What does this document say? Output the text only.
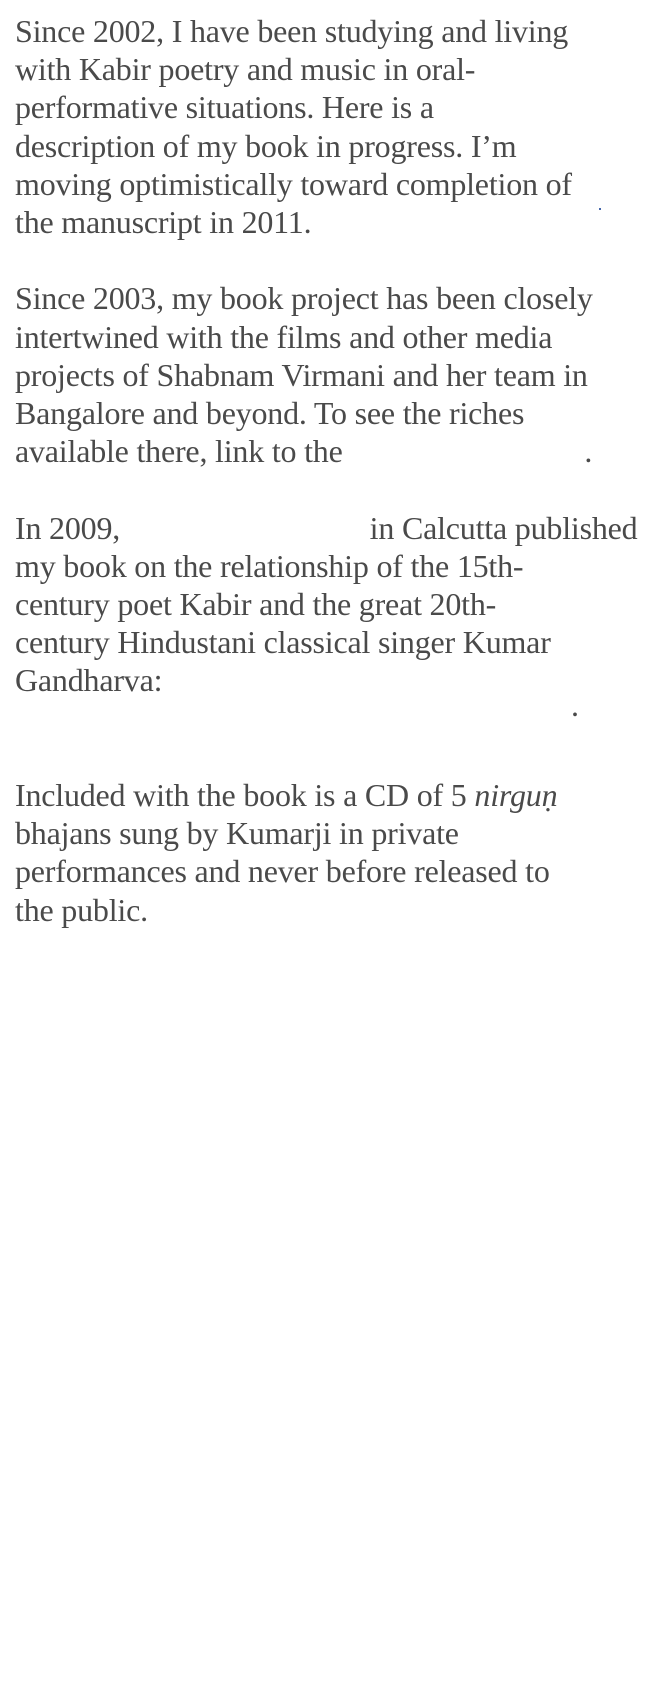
Since 2002, I have been studying and living
with Kabir poetry and music in oral-
performative situations. Here is a
description of my book in progress. I’m
moving optimistically toward completion of
the manuscript in 2011.

Since 2003, my book project has been closely
intertwined with the films and other media
projects of Shabnam Virmani and her team in
Bangalore and beyond. To see the riches
available there, link to the	.

In 2009,	in Calcutta published
my book on the relationship of the 15th-
century poet Kabir and the great 20th-
century Hindustani classical singer Kumar
Gandharva:
.

Included with the book is a CD of 5 nirguṇ
bhajans sung by Kumarji in private
performances and never before released to
the public.
